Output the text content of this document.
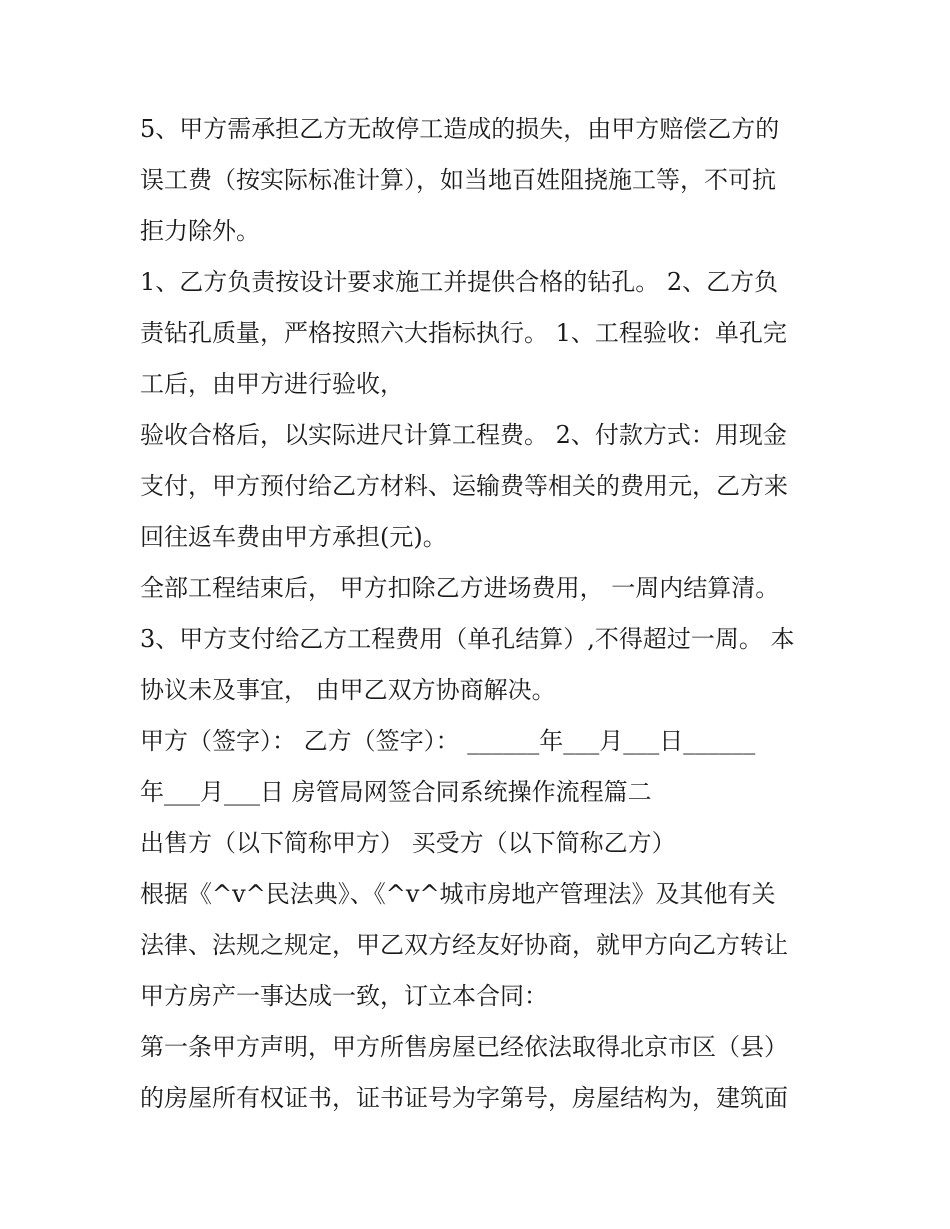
5、甲方需承担乙方无故停工造成的损失，由甲方赔偿乙方的

误工费（按实际标准计算），如当地百姓阻挠施工等，不可抗

拒力除外。

1、乙方负责按设计要求施工并提供合格的钻孔。 2、乙方负

责钻孔质量，严格按照六大指标执行。 1、工程验收：单孔完

工后，由甲方进行验收，

验收合格后，以实际进尺计算工程费。 2、付款方式：用现金

支付，甲方预付给乙方材料、运输费等相关的费用元，乙方来

回往返车费由甲方承担(元)。

全部工程结束后， 甲方扣除乙方进场费用， 一周内结算清。

3、甲方支付给乙方工程费用（单孔结算）,不得超过一周。 本

协议未及事宜， 由甲乙双方协商解决。

甲方（签字）： 乙方（签字）： ______年___月___日______

年___月___日 房管局网签合同系统操作流程篇二

出售方（以下简称甲方） 买受方（以下简称乙方）

根据《^v^民法典》、《^v^城市房地产管理法》及其他有关

法律、法规之规定，甲乙双方经友好协商，就甲方向乙方转让

甲方房产一事达成一致，订立本合同：

第一条甲方声明，甲方所售房屋已经依法取得北京市区（县）

的房屋所有权证书，证书证号为字第号，房屋结构为，建筑面
